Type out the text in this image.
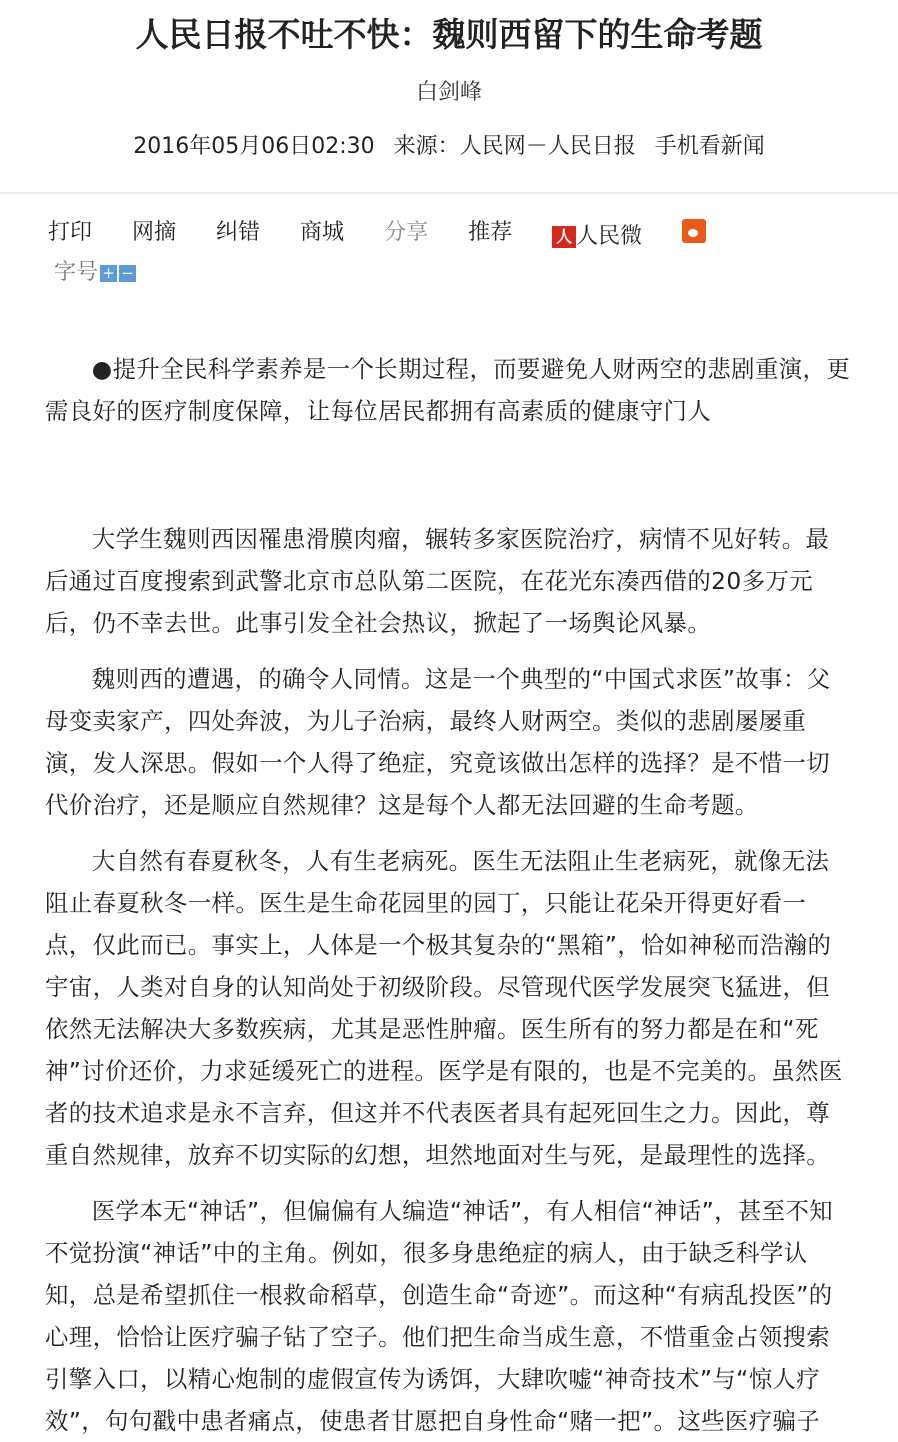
人民日报不吐不快：魏则西留下的生命考题
白剑峰
2016年05月06日02:30 来源：人民网－人民日报 手机看新闻
打印 网摘 纠错 商城 分享 推荐	人 人民微
字号 + −

●提升全民科学素养是一个长期过程，而要避免人财两空的悲剧重演，更需良好的医疗制度保障，让每位居民都拥有高素质的健康守门人

大学生魏则西因罹患滑膜肉瘤，辗转多家医院治疗，病情不见好转。最后通过百度搜索到武警北京市总队第二医院，在花光东凑西借的20多万元后，仍不幸去世。此事引发全社会热议，掀起了一场舆论风暴。

魏则西的遭遇，的确令人同情。这是一个典型的“中国式求医”故事：父母变卖家产，四处奔波，为儿子治病，最终人财两空。类似的悲剧屡屡重演，发人深思。假如一个人得了绝症，究竟该做出怎样的选择？是不惜一切代价治疗，还是顺应自然规律？这是每个人都无法回避的生命考题。

大自然有春夏秋冬，人有生老病死。医生无法阻止生老病死，就像无法阻止春夏秋冬一样。医生是生命花园里的园丁，只能让花朵开得更好看一点，仅此而已。事实上，人体是一个极其复杂的“黑箱”，恰如神秘而浩瀚的宇宙，人类对自身的认知尚处于初级阶段。尽管现代医学发展突飞猛进，但依然无法解决大多数疾病，尤其是恶性肿瘤。医生所有的努力都是在和“死神”讨价还价，力求延缓死亡的进程。医学是有限的，也是不完美的。虽然医者的技术追求是永不言弃，但这并不代表医者具有起死回生之力。因此，尊重自然规律，放弃不切实际的幻想，坦然地面对生与死，是最理性的选择。

医学本无“神话”，但偏偏有人编造“神话”，有人相信“神话”，甚至不知不觉扮演“神话”中的主角。例如，很多身患绝症的病人，由于缺乏科学认知，总是希望抓住一根救命稻草，创造生命“奇迹”。而这种“有病乱投医”的心理，恰恰让医疗骗子钻了空子。他们把生命当成生意，不惜重金占领搜索引擎入口，以精心炮制的虚假宣传为诱饵，大肆吹嘘“神奇技术”与“惊人疗效”，句句戳中患者痛点，使患者甘愿把自身性命“赌一把”。这些医疗骗子
